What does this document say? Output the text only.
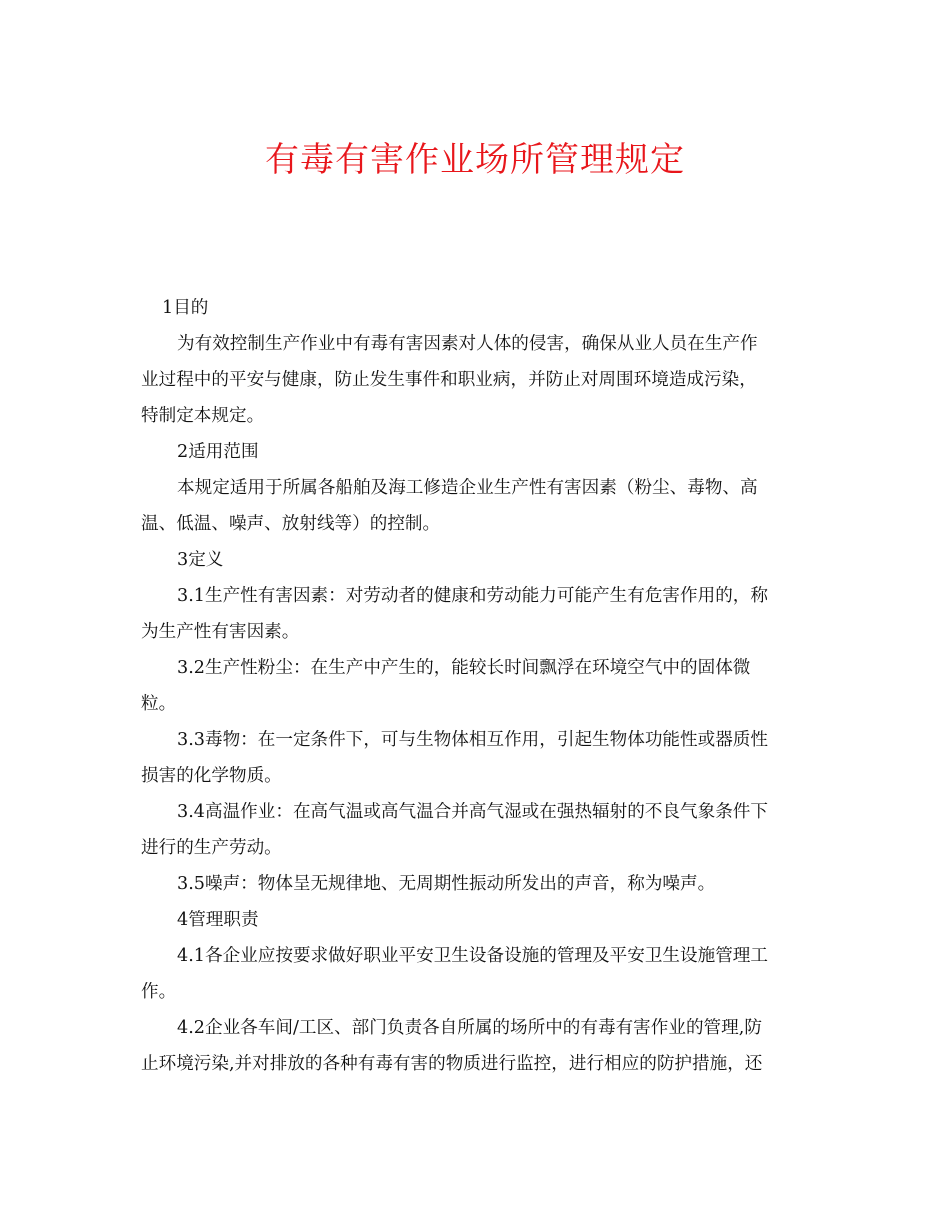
有毒有害作业场所管理规定
1目的
为有效控制生产作业中有毒有害因素对人体的侵害，确保从业人员在生产作
业过程中的平安与健康，防止发生事件和职业病，并防止对周围环境造成污染，
特制定本规定。
2适用范围
本规定适用于所属各船舶及海工修造企业生产性有害因素（粉尘、毒物、高
温、低温、噪声、放射线等）的控制。
3定义
3.1生产性有害因素：对劳动者的健康和劳动能力可能产生有危害作用的，称
为生产性有害因素。
3.2生产性粉尘：在生产中产生的，能较长时间飘浮在环境空气中的固体微
粒。
3.3毒物：在一定条件下，可与生物体相互作用，引起生物体功能性或器质性
损害的化学物质。
3.4高温作业：在高气温或高气温合并高气湿或在强热辐射的不良气象条件下
进行的生产劳动。
3.5噪声：物体呈无规律地、无周期性振动所发出的声音，称为噪声。
4管理职责
4.1各企业应按要求做好职业平安卫生设备设施的管理及平安卫生设施管理工
作。
4.2企业各车间/工区、部门负责各自所属的场所中的有毒有害作业的管理,防
止环境污染,并对排放的各种有毒有害的物质进行监控，进行相应的防护措施，还
